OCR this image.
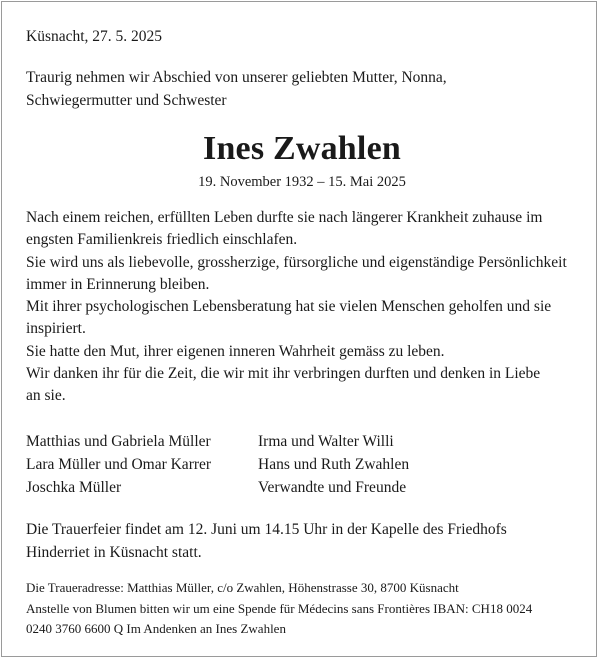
Küsnacht, 27. 5. 2025

Traurig nehmen wir Abschied von unserer geliebten Mutter, Nonna,
Schwiegermutter und Schwester
Ines Zwahlen
19. November 1932 – 15. Mai 2025
Nach einem reichen, erfüllten Leben durfte sie nach längerer Krankheit zuhause im
engsten Familienkreis friedlich einschlafen.
Sie wird uns als liebevolle, grossherzige, fürsorgliche und eigenständige Persönlichkeit
immer in Erinnerung bleiben.
Mit ihrer psychologischen Lebensberatung hat sie vielen Menschen geholfen und sie
inspiriert.
Sie hatte den Mut, ihrer eigenen inneren Wahrheit gemäss zu leben.
Wir danken ihr für die Zeit, die wir mit ihr verbringen durften und denken in Liebe
an sie.
Matthias und Gabriela Müller
Lara Müller und Omar Karrer
Joschka Müller
Irma und Walter Willi
Hans und Ruth Zwahlen
Verwandte und Freunde
Die Trauerfeier findet am 12. Juni um 14.15 Uhr in der Kapelle des Friedhofs
Hinderriet in Küsnacht statt.
Die Traueradresse: Matthias Müller, c/o Zwahlen, Höhenstrasse 30, 8700 Küsnacht
Anstelle von Blumen bitten wir um eine Spende für Médecins sans Frontières IBAN: CH18 0024
0240 3760 6600 Q Im Andenken an Ines Zwahlen
